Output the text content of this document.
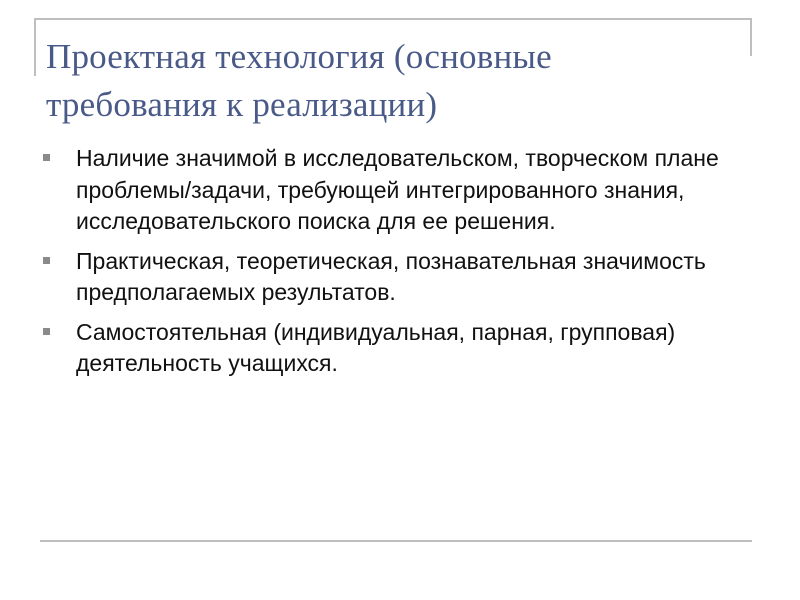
Проектная технология (основные требования к реализации)
Наличие значимой в исследовательском, творческом плане проблемы/задачи, требующей интегрированного знания, исследовательского поиска для ее решения.
Практическая, теоретическая, познавательная значимость предполагаемых результатов.
Самостоятельная (индивидуальная, парная, групповая) деятельность учащихся.
